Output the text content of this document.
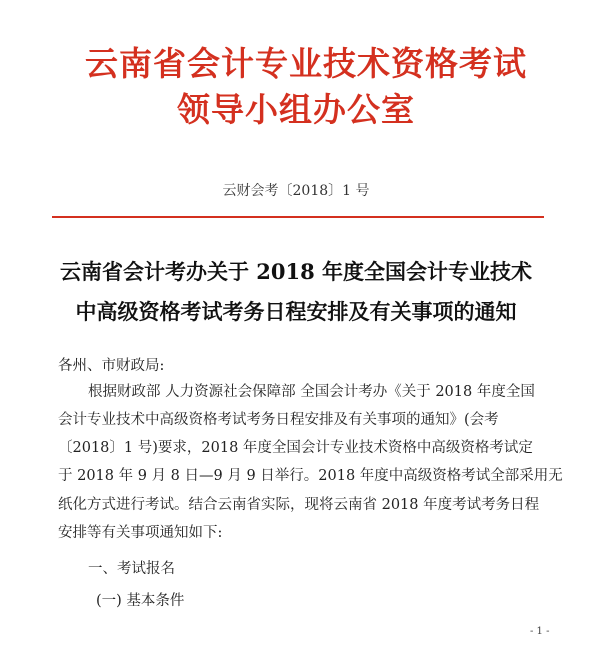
云南省会计专业技术资格考试
领导小组办公室
云财会考〔2018〕1 号
云南省会计考办关于 2018 年度全国会计专业技术
中高级资格考试考务日程安排及有关事项的通知
各州、市财政局:
根据财政部 人力资源社会保障部 全国会计考办《关于 2018 年度全国
会计专业技术中高级资格考试考务日程安排及有关事项的通知》(会考
〔2018〕1 号)要求，2018 年度全国会计专业技术资格中高级资格考试定
于 2018 年 9 月 8 日—9 月 9 日举行。2018 年度中高级资格考试全部采用无
纸化方式进行考试。结合云南省实际，现将云南省 2018 年度考试考务日程
安排等有关事项通知如下:
一、考试报名
(一) 基本条件
- 1 -
